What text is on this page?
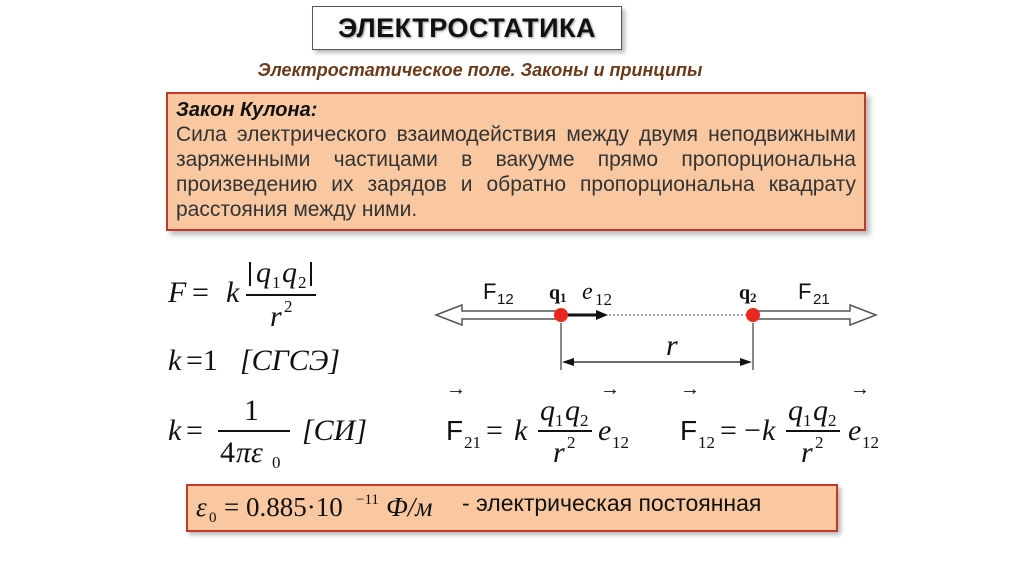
ЭЛЕКТРОСТАТИКА
Электростатическое поле. Законы и принципы
Закон Кулона:
Сила электрического взаимодействия между двумя неподвижными заряженными частицами в вакууме прямо пропорциональна произведению их зарядов и обратно пропорциональна квадрату расстояния между ними.
F = k
q 1 q 2
r 2
k =1 [СГСЭ]
k =
1
4 πε 0
[СИ]
r
F 12 q 1 e 12	q 2 F 21
→
F 21 = k
q 1 q 2
r 2
→
e 12
→
F 12 = − k
q 1 q 2
r 2
→
e 12
ε 0 = 0.885·10 −11 Ф/м - электрическая постоянная
